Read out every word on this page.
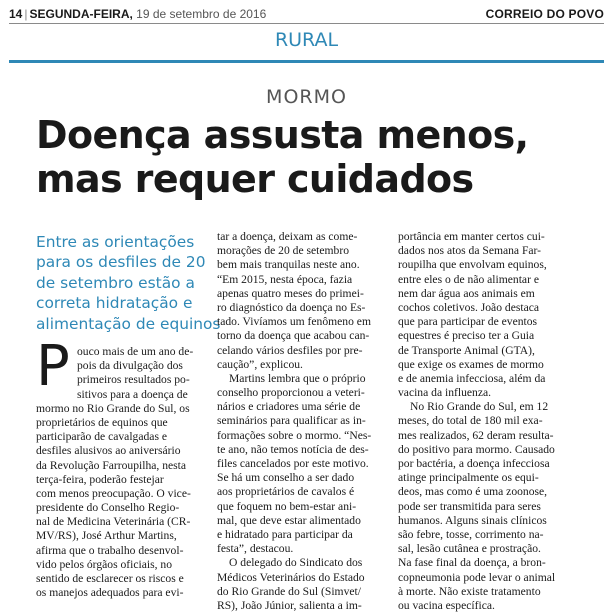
14 | SEGUNDA-FEIRA, 19 de setembro de 2016	CORREIO DO POVO
RURAL
MORMO
Doença assusta menos,
mas requer cuidados
Entre as orientações
para os desfiles de 20
de setembro estão a
correta hidratação e
alimentação de equinos
P ouco mais de um ano de-
pois da divulgação dos
primeiros resultados po-
sitivos para a doença de
mormo no Rio Grande do Sul, os
proprietários de equinos que
participarão de cavalgadas e
desfiles alusivos ao aniversário
da Revolução Farroupilha, nesta
terça-feira, poderão festejar
com menos preocupação. O vice-
presidente do Conselho Regio-
nal de Medicina Veterinária (CR-
MV/RS), José Arthur Martins,
afirma que o trabalho desenvol-
vido pelos órgãos oficiais, no
sentido de esclarecer os riscos e
os manejos adequados para evi-
tar a doença, deixam as come-
morações de 20 de setembro
bem mais tranquilas neste ano.
“Em 2015, nesta época, fazia
apenas quatro meses do primei-
ro diagnóstico da doença no Es-
tado. Vivíamos um fenômeno em
torno da doença que acabou can-
celando vários desfiles por pre-
caução”, explicou.
Martins lembra que o próprio
conselho proporcionou a veteri-
nários e criadores uma série de
seminários para qualificar as in-
formações sobre o mormo. “Nes-
te ano, não temos notícia de des-
files cancelados por este motivo.
Se há um conselho a ser dado
aos proprietários de cavalos é
que foquem no bem-estar ani-
mal, que deve estar alimentado
e hidratado para participar da
festa”, destacou.
O delegado do Sindicato dos
Médicos Veterinários do Estado
do Rio Grande do Sul (Simvet/
RS), João Júnior, salienta a im-
portância em manter certos cui-
dados nos atos da Semana Far-
roupilha que envolvam equinos,
entre eles o de não alimentar e
nem dar água aos animais em
cochos coletivos. João destaca
que para participar de eventos
equestres é preciso ter a Guia
de Transporte Animal (GTA),
que exige os exames de mormo
e de anemia infecciosa, além da
vacina da influenza.
No Rio Grande do Sul, em 12
meses, do total de 180 mil exa-
mes realizados, 62 deram resulta-
do positivo para mormo. Causado
por bactéria, a doença infecciosa
atinge principalmente os equi-
deos, mas como é uma zoonose,
pode ser transmitida para seres
humanos. Alguns sinais clínicos
são febre, tosse, corrimento na-
sal, lesão cutânea e prostração.
Na fase final da doença, a bron-
copneumonia pode levar o animal
à morte. Não existe tratamento
ou vacina específica.
